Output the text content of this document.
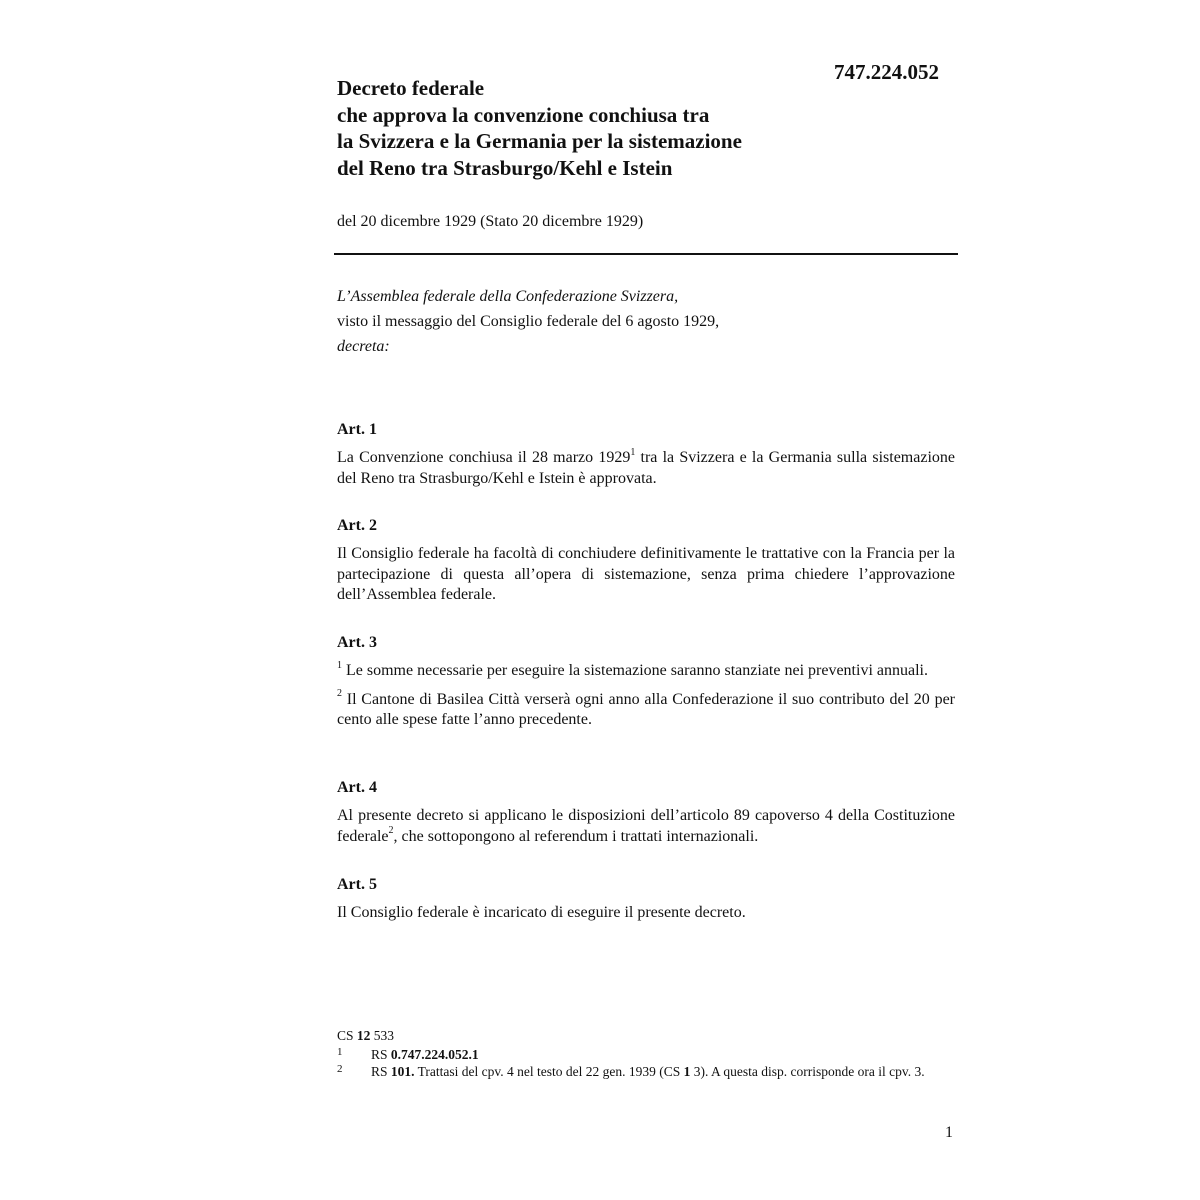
747.224.052
Decreto federale
che approva la convenzione conchiusa tra
la Svizzera e la Germania per la sistemazione
del Reno tra Strasburgo/Kehl e Istein
del 20 dicembre 1929 (Stato 20 dicembre 1929)
L’Assemblea federale della Confederazione Svizzera,
visto il messaggio del Consiglio federale del 6 agosto 1929,
decreta:
Art. 1
La Convenzione conchiusa il 28 marzo 1929$^1$ tra la Svizzera e la Germania sulla sistemazione del Reno tra Strasburgo/Kehl e Istein è approvata.
Art. 2
Il Consiglio federale ha facoltà di conchiudere definitivamente le trattative con la Francia per la partecipazione di questa all’opera di sistemazione, senza prima chiedere l’approvazione dell’Assemblea federale.
Art. 3
$^1$ Le somme necessarie per eseguire la sistemazione saranno stanziate nei preventivi annuali.
$^2$ Il Cantone di Basilea Città verserà ogni anno alla Confederazione il suo contributo del 20 per cento alle spese fatte l’anno precedente.
Art. 4
Al presente decreto si applicano le disposizioni dell’articolo 89 capoverso 4 della Costituzione federale$^2$, che sottopongono al referendum i trattati internazionali.
Art. 5
Il Consiglio federale è incaricato di eseguire il presente decreto.
CS 12 533
1 RS 0.747.224.052.1
2 RS 101. Trattasi del cpv. 4 nel testo del 22 gen. 1939 (CS 1 3). A questa disp. corrisponde ora il cpv. 3.
1
